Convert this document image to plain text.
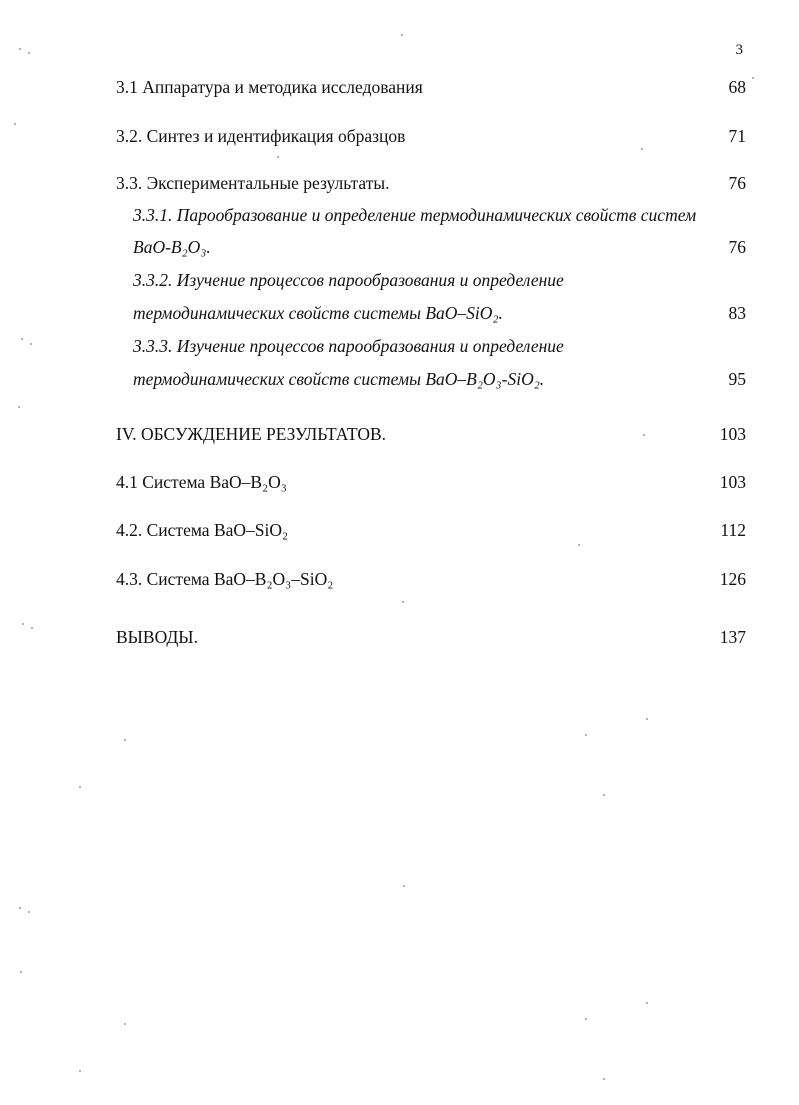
3
3.1 Аппаратура и методика исследования	68
3.2. Синтез и идентификация образцов	71
3.3. Экспериментальные результаты.	76
3.3.1. Парообразование и определение термодинамических свойств систем
BaO-B₂O₃.	76
3.3.2. Изучение процессов парообразования и определение
термодинамических свойств системы BaO–SiO₂.	83
3.3.3. Изучение процессов парообразования и определение
термодинамических свойств системы BaO–B₂O₃-SiO₂.	95
IV. ОБСУЖДЕНИЕ РЕЗУЛЬТАТОВ.	103
4.1 Система BaO–B₂O₃	103
4.2. Система BaO–SiO₂	112
4.3. Система BaO–B₂O₃–SiO₂	126
ВЫВОДЫ.	137
